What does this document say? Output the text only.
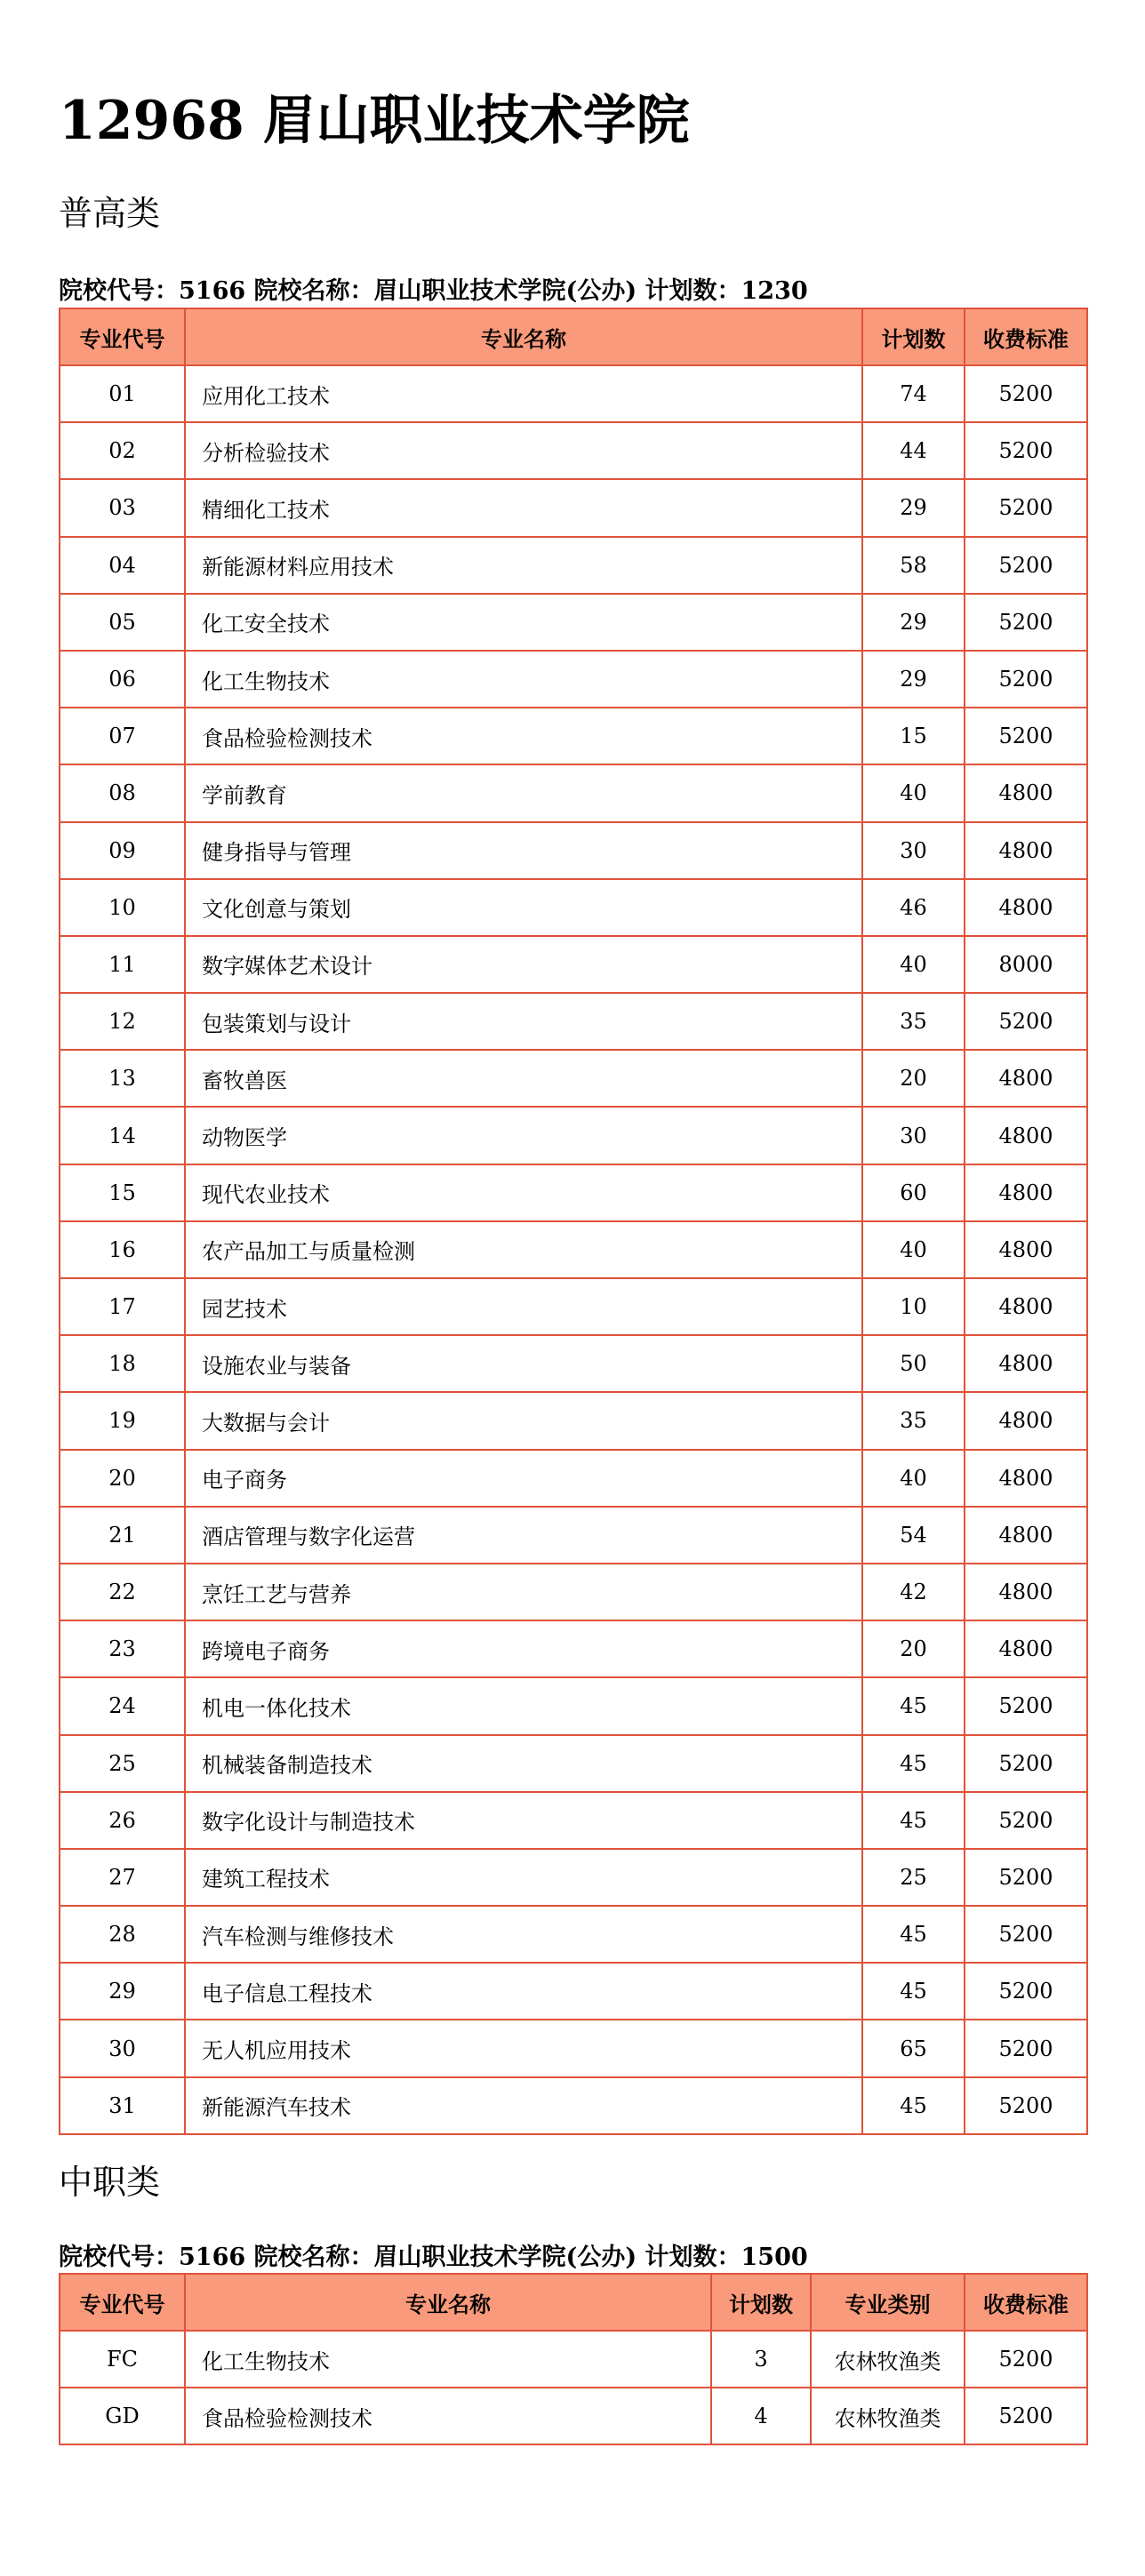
12968 眉山职业技术学院
普高类
院校代号：5166 院校名称：眉山职业技术学院(公办) 计划数：1230
专业代号	专业名称	计划数	收费标准
01	应用化工技术	74	5200
02	分析检验技术	44	5200
03	精细化工技术	29	5200
04	新能源材料应用技术	58	5200
05	化工安全技术	29	5200
06	化工生物技术	29	5200
07	食品检验检测技术	15	5200
08	学前教育	40	4800
09	健身指导与管理	30	4800
10	文化创意与策划	46	4800
11	数字媒体艺术设计	40	8000
12	包装策划与设计	35	5200
13	畜牧兽医	20	4800
14	动物医学	30	4800
15	现代农业技术	60	4800
16	农产品加工与质量检测	40	4800
17	园艺技术	10	4800
18	设施农业与装备	50	4800
19	大数据与会计	35	4800
20	电子商务	40	4800
21	酒店管理与数字化运营	54	4800
22	烹饪工艺与营养	42	4800
23	跨境电子商务	20	4800
24	机电一体化技术	45	5200
25	机械装备制造技术	45	5200
26	数字化设计与制造技术	45	5200
27	建筑工程技术	25	5200
28	汽车检测与维修技术	45	5200
29	电子信息工程技术	45	5200
30	无人机应用技术	65	5200
31	新能源汽车技术	45	5200
中职类
院校代号：5166 院校名称：眉山职业技术学院(公办) 计划数：1500
专业代号	专业名称	计划数	专业类别	收费标准
FC	化工生物技术	3	农林牧渔类	5200
GD	食品检验检测技术	4	农林牧渔类	5200
